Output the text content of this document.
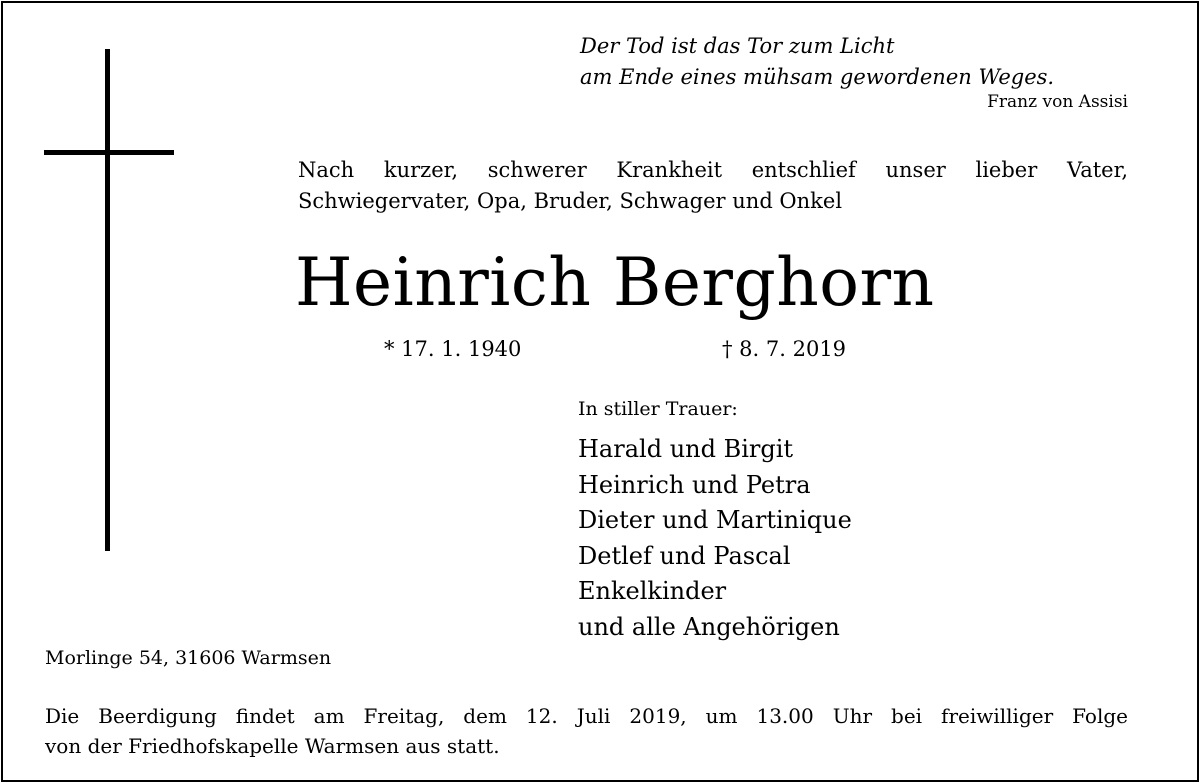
Der Tod ist das Tor zum Licht
am Ende eines mühsam gewordenen Weges.
Franz von Assisi
Nach kurzer, schwerer Krankheit entschlief unser lieber Vater,
Schwiegervater, Opa, Bruder, Schwager und Onkel
Heinrich Berghorn
* 17. 1. 1940	† 8. 7. 2019
In stiller Trauer:
Harald und Birgit
Heinrich und Petra
Dieter und Martinique
Detlef und Pascal
Enkelkinder
und alle Angehörigen
Morlinge 54, 31606 Warmsen
Die Beerdigung findet am Freitag, dem 12. Juli 2019, um 13.00 Uhr bei freiwilliger Folge
von der Friedhofskapelle Warmsen aus statt.
